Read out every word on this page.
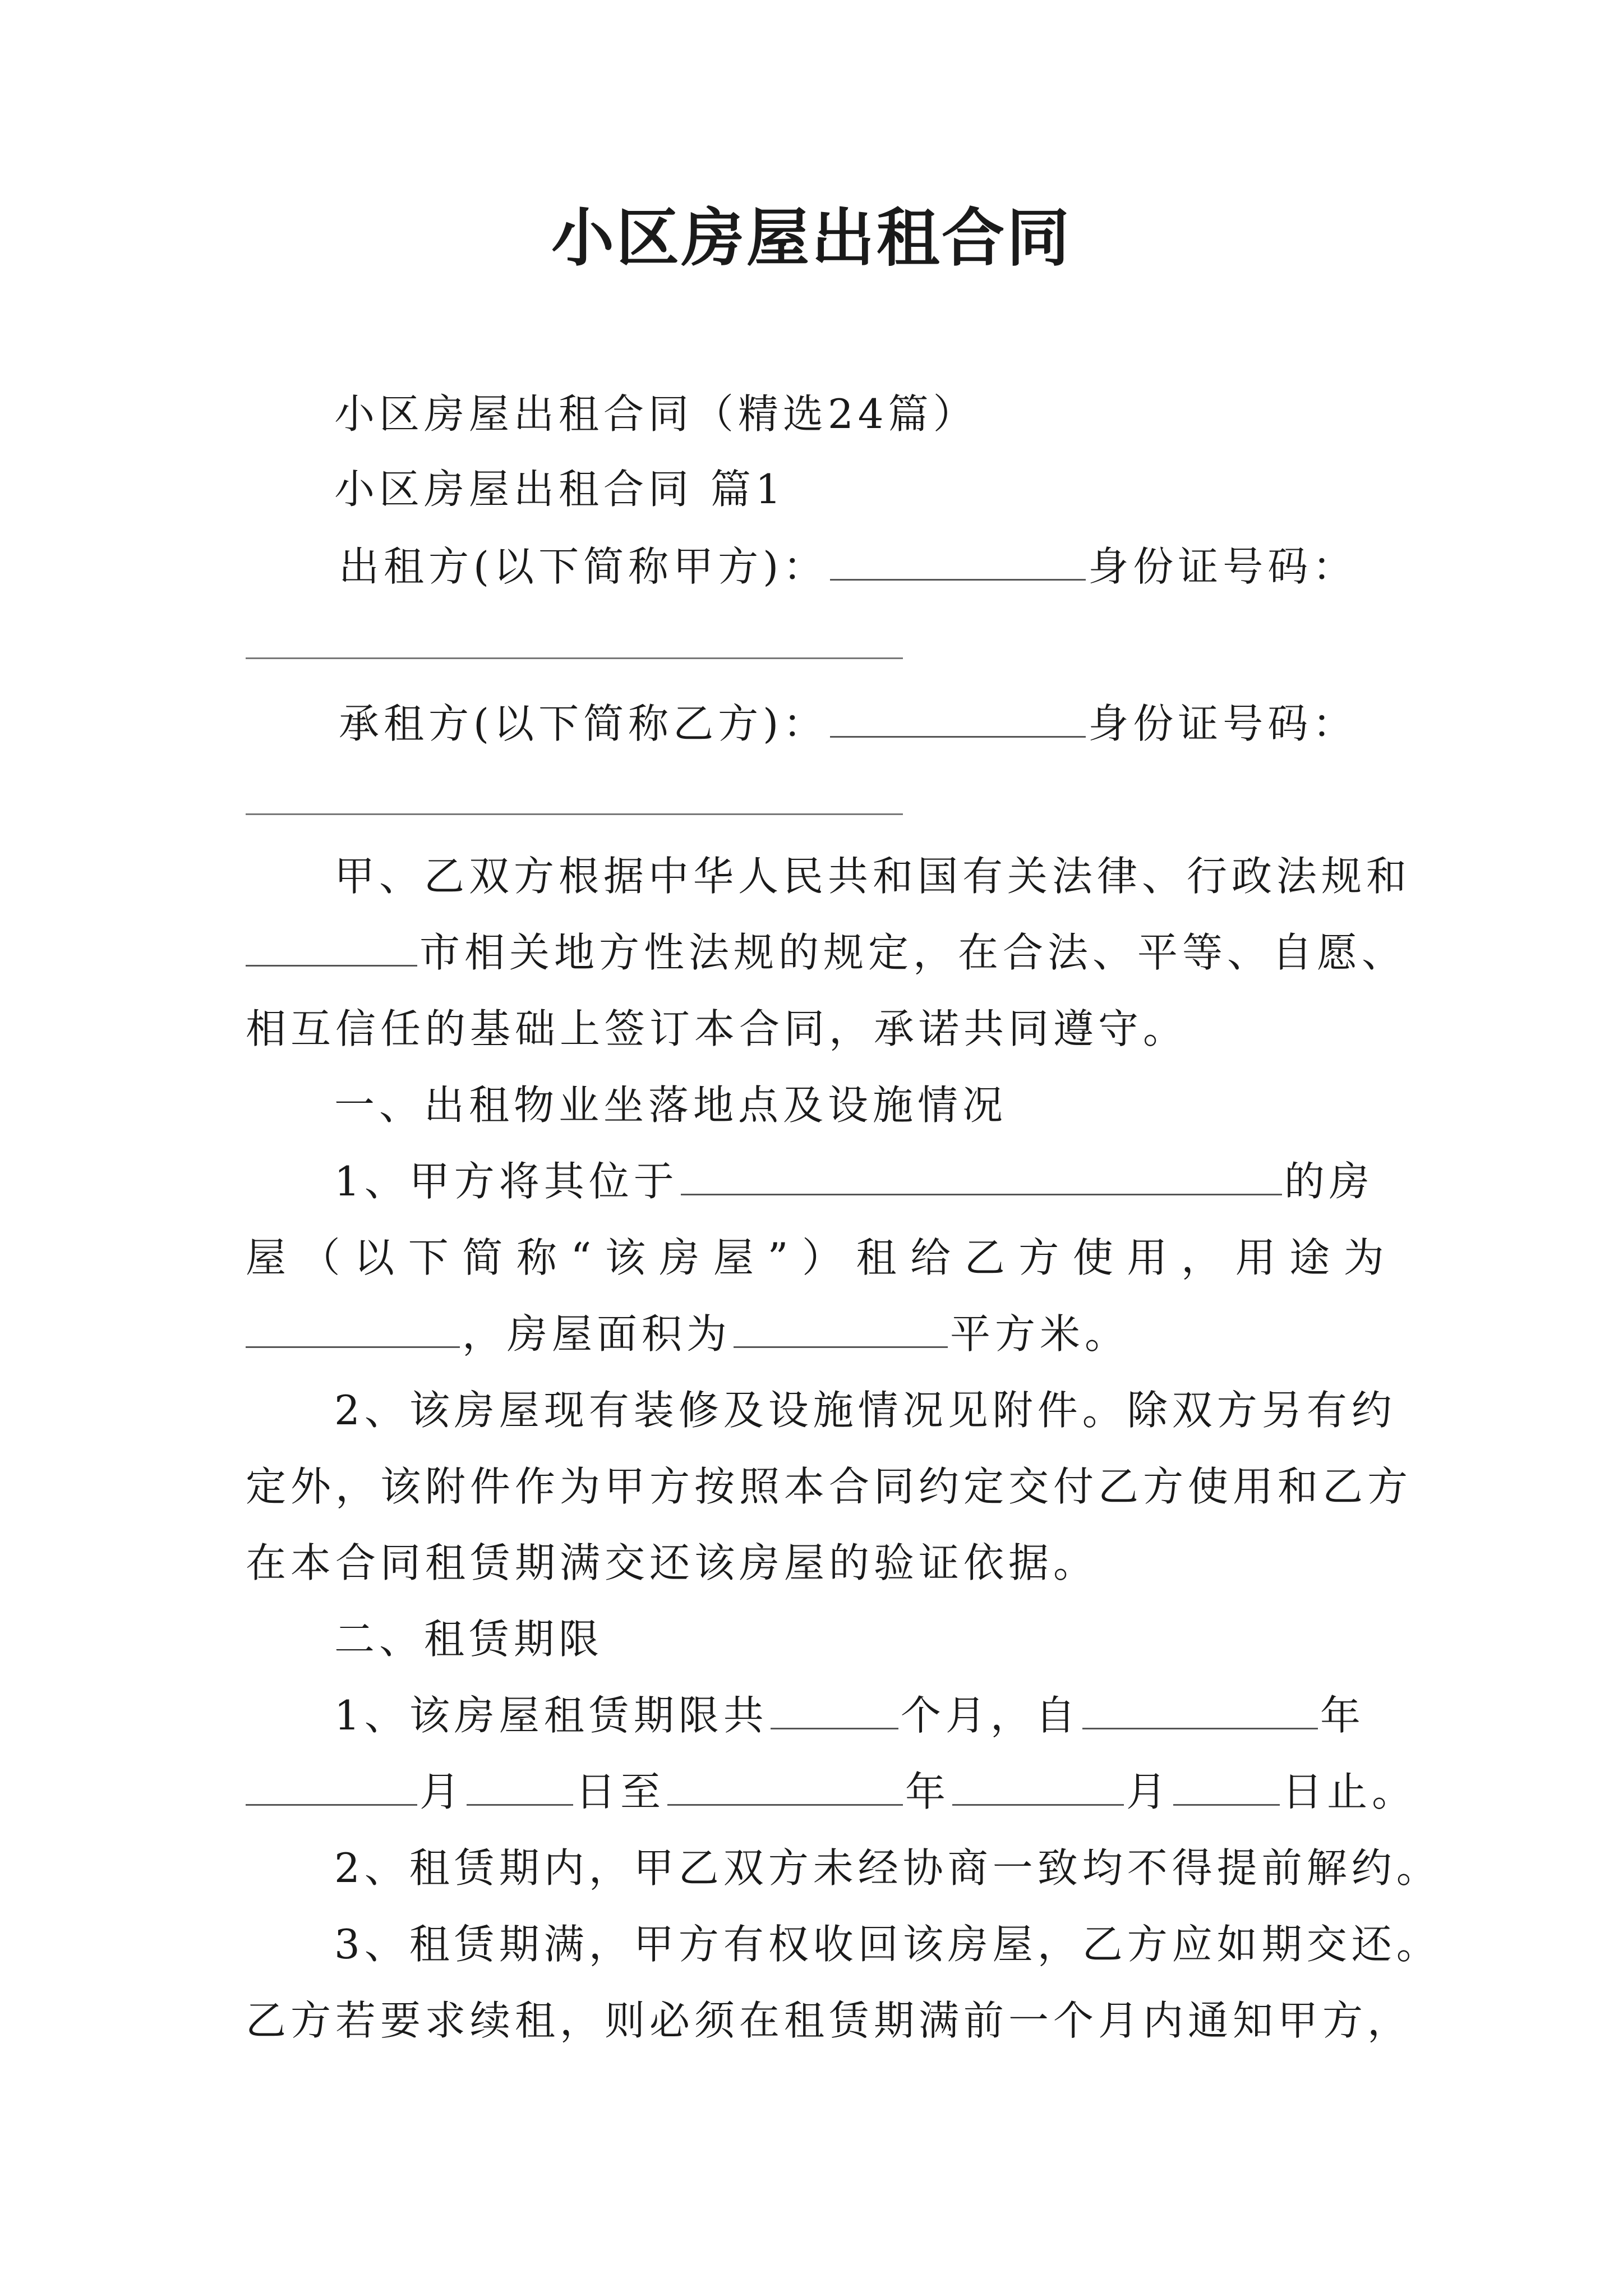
小区房屋出租合同
小区房屋出租合同（精选24篇）
小区房屋出租合同 篇1
出租方(以下简称甲方)：	身份证号码：
承租方(以下简称乙方)：	身份证号码：
甲、乙双方根据中华人民共和国有关法律、行政法规和
市相关地方性法规的规定，在合法、平等、自愿、
相互信任的基础上签订本合同，承诺共同遵守。
一、出租物业坐落地点及设施情况
1、甲方将其位于	的房
屋 （ 以 下 简 称 “ 该 房 屋 ” ） 租 给 乙 方 使 用 ， 用 途 为
，房屋面积为	平方米。
2、该房屋现有装修及设施情况见附件。除双方另有约
定外，该附件作为甲方按照本合同约定交付乙方使用和乙方
在本合同租赁期满交还该房屋的验证依据。
二、租赁期限
1、该房屋租赁期限共	个月，自	年
月	日至	年	月	日止。
2、租赁期内，甲乙双方未经协商一致均不得提前解约。
3、租赁期满，甲方有权收回该房屋，乙方应如期交还。
乙方若要求续租，则必须在租赁期满前一个月内通知甲方，
